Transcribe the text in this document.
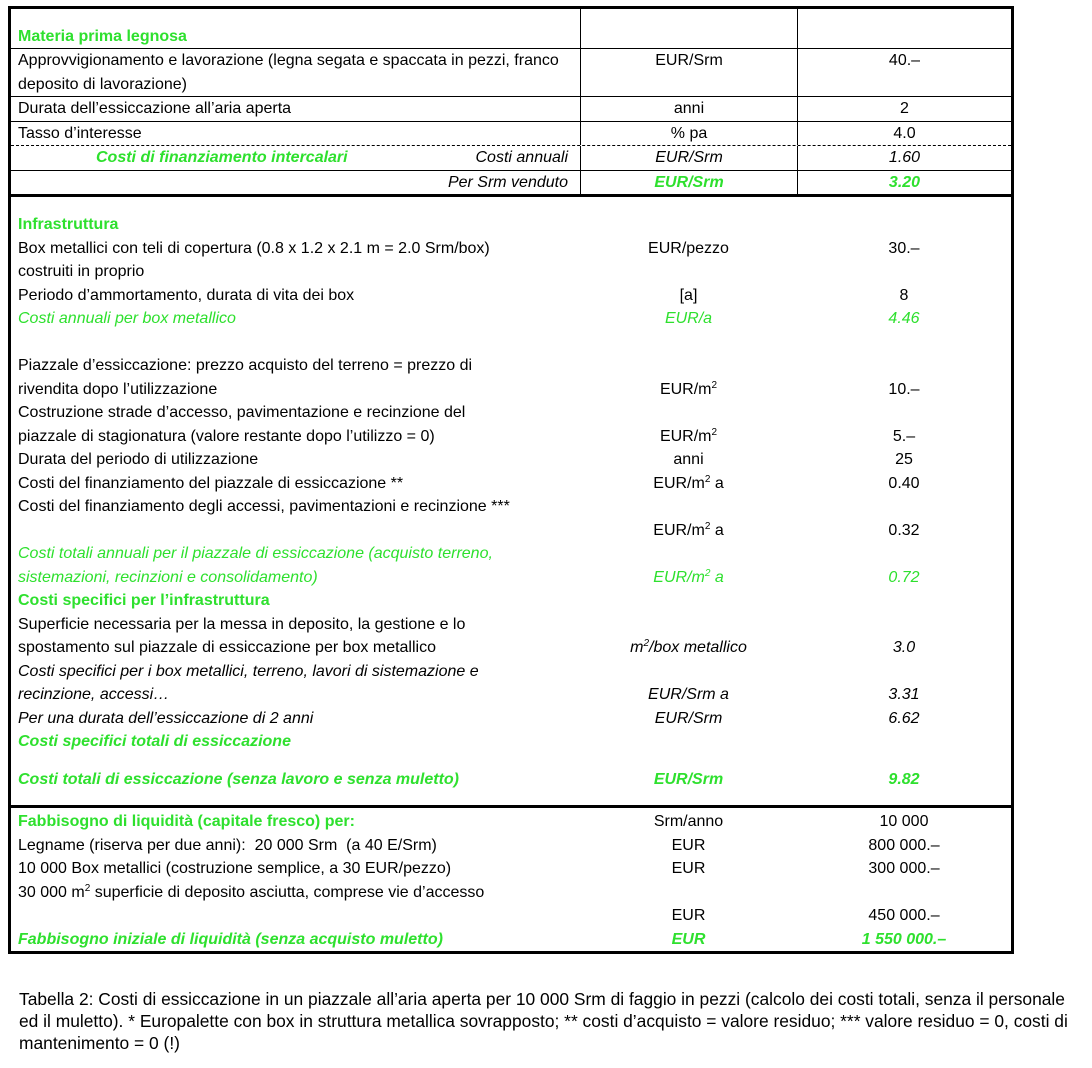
Materia prima legnosa
Approvvigionamento e lavorazione (legna segata e spaccata in pezzi, franco deposito di lavorazione)
EUR/Srm	40.–
Durata dell’essiccazione all’aria aperta	anni	2
Tasso d’interesse	% pa	4.0
Costi di finanziamento intercalari	Costi annuali	EUR/Srm	1.60
Per Srm venduto	EUR/Srm	3.20
Infrastruttura
Box metallici con teli di copertura (0.8 x 1.2 x 2.1 m = 2.0 Srm/box)	EUR/pezzo	30.–
costruiti in proprio
Periodo d’ammortamento, durata di vita dei box	[a]	8
Costi annuali per box metallico	EUR/a	4.46
Piazzale d’essiccazione: prezzo acquisto del terreno = prezzo di
rivendita dopo l’utilizzazione	EUR/$m^2$	10.–
Costruzione strade d’accesso, pavimentazione e recinzione del
piazzale di stagionatura (valore restante dopo l’utilizzo = 0)	EUR/$m^2$	5.–
Durata del periodo di utilizzazione	anni	25
Costi del finanziamento del piazzale di essiccazione **	EUR/$m^2$ a	0.40
Costi del finanziamento degli accessi, pavimentazioni e recinzione ***
EUR/$m^2$ a	0.32
Costi totali annuali per il piazzale di essiccazione (acquisto terreno,
sistemazioni, recinzioni e consolidamento)	EUR/$m^2$ a	0.72
Costi specifici per l’infrastruttura
Superficie necessaria per la messa in deposito, la gestione e lo
spostamento sul piazzale di essiccazione per box metallico	$m^2$/box metallico	3.0
Costi specifici per i box metallici, terreno, lavori di sistemazione e
recinzione, accessi…	EUR/Srm a	3.31
Per una durata dell’essiccazione di 2 anni	EUR/Srm	6.62
Costi specifici totali di essiccazione
Costi totali di essiccazione (senza lavoro e senza muletto)	EUR/Srm	9.82
Fabbisogno di liquidità (capitale fresco) per:	Srm/anno	10 000
Legname (riserva per due anni):  20 000 Srm  (a 40 E/Srm)	EUR	800 000.–
10 000 Box metallici (costruzione semplice, a 30 EUR/pezzo)	EUR	300 000.–
30 000 $m^2$ superficie di deposito asciutta, comprese vie d’accesso
EUR	450 000.–
Fabbisogno iniziale di liquidità (senza acquisto muletto)	EUR	1 550 000.–
Tabella 2: Costi di essiccazione in un piazzale all’aria aperta per 10 000 Srm di faggio in pezzi (calcolo dei costi totali, senza il personale ed il muletto). * Europalette con box in struttura metallica sovrapposto; ** costi d’acquisto = valore residuo; *** valore residuo = 0, costi di mantenimento = 0 (!)
